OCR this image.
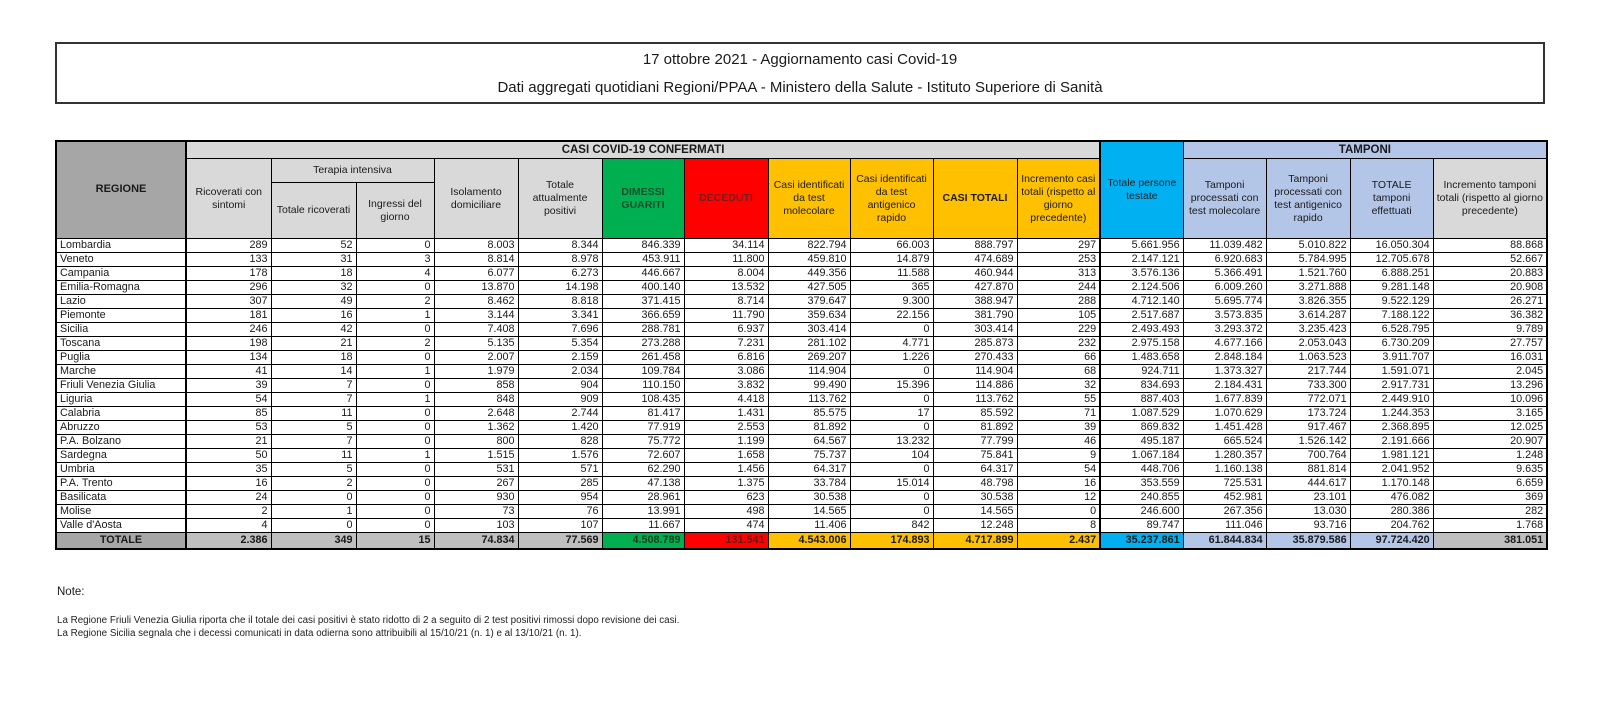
17 ottobre 2021 - Aggiornamento casi Covid-19
Dati aggregati quotidiani Regioni/PPAA - Ministero della Salute - Istituto Superiore di Sanità
REGIONE	CASI COVID-19 CONFERMATI											Totale persone testate	TAMPONI			
	Ricoverati con sintomi	Terapia intensiva		Isolamento domiciliare	Totale attualmente positivi	DIMESSI GUARITI	DECEDUTI	Casi identificati da test molecolare	Casi identificati da test antigenico rapido	CASI TOTALI	Incremento casi totali (rispetto al giorno precedente)		Tamponi processati con test molecolare	Tamponi processati con test antigenico rapido	TOTALE tamponi effettuati	Incremento tamponi totali (rispetto al giorno precedente)
		Totale ricoverati	Ingressi del giorno													
Lombardia	289	52	0	8.003	8.344	846.339	34.114	822.794	66.003	888.797	297	5.661.956	11.039.482	5.010.822	16.050.304	88.868
Veneto	133	31	3	8.814	8.978	453.911	11.800	459.810	14.879	474.689	253	2.147.121	6.920.683	5.784.995	12.705.678	52.667
Campania	178	18	4	6.077	6.273	446.667	8.004	449.356	11.588	460.944	313	3.576.136	5.366.491	1.521.760	6.888.251	20.883
Emilia-Romagna	296	32	0	13.870	14.198	400.140	13.532	427.505	365	427.870	244	2.124.506	6.009.260	3.271.888	9.281.148	20.908
Lazio	307	49	2	8.462	8.818	371.415	8.714	379.647	9.300	388.947	288	4.712.140	5.695.774	3.826.355	9.522.129	26.271
Piemonte	181	16	1	3.144	3.341	366.659	11.790	359.634	22.156	381.790	105	2.517.687	3.573.835	3.614.287	7.188.122	36.382
Sicilia	246	42	0	7.408	7.696	288.781	6.937	303.414	0	303.414	229	2.493.493	3.293.372	3.235.423	6.528.795	9.789
Toscana	198	21	2	5.135	5.354	273.288	7.231	281.102	4.771	285.873	232	2.975.158	4.677.166	2.053.043	6.730.209	27.757
Puglia	134	18	0	2.007	2.159	261.458	6.816	269.207	1.226	270.433	66	1.483.658	2.848.184	1.063.523	3.911.707	16.031
Marche	41	14	1	1.979	2.034	109.784	3.086	114.904	0	114.904	68	924.711	1.373.327	217.744	1.591.071	2.045
Friuli Venezia Giulia	39	7	0	858	904	110.150	3.832	99.490	15.396	114.886	32	834.693	2.184.431	733.300	2.917.731	13.296
Liguria	54	7	1	848	909	108.435	4.418	113.762	0	113.762	55	887.403	1.677.839	772.071	2.449.910	10.096
Calabria	85	11	0	2.648	2.744	81.417	1.431	85.575	17	85.592	71	1.087.529	1.070.629	173.724	1.244.353	3.165
Abruzzo	53	5	0	1.362	1.420	77.919	2.553	81.892	0	81.892	39	869.832	1.451.428	917.467	2.368.895	12.025
P.A. Bolzano	21	7	0	800	828	75.772	1.199	64.567	13.232	77.799	46	495.187	665.524	1.526.142	2.191.666	20.907
Sardegna	50	11	1	1.515	1.576	72.607	1.658	75.737	104	75.841	9	1.067.184	1.280.357	700.764	1.981.121	1.248
Umbria	35	5	0	531	571	62.290	1.456	64.317	0	64.317	54	448.706	1.160.138	881.814	2.041.952	9.635
P.A. Trento	16	2	0	267	285	47.138	1.375	33.784	15.014	48.798	16	353.559	725.531	444.617	1.170.148	6.659
Basilicata	24	0	0	930	954	28.961	623	30.538	0	30.538	12	240.855	452.981	23.101	476.082	369
Molise	2	1	0	73	76	13.991	498	14.565	0	14.565	0	246.600	267.356	13.030	280.386	282
Valle d'Aosta	4	0	0	103	107	11.667	474	11.406	842	12.248	8	89.747	111.046	93.716	204.762	1.768
TOTALE	2.386	349	15	74.834	77.569	4.508.789	131.541	4.543.006	174.893	4.717.899	2.437	35.237.861	61.844.834	35.879.586	97.724.420	381.051
Note:
La Regione Friuli Venezia Giulia riporta che il totale dei casi positivi è stato ridotto di 2 a seguito di 2 test positivi rimossi dopo revisione dei casi.
La Regione Sicilia segnala che i decessi comunicati in data odierna sono attribuibili al 15/10/21 (n. 1) e al 13/10/21 (n. 1).
